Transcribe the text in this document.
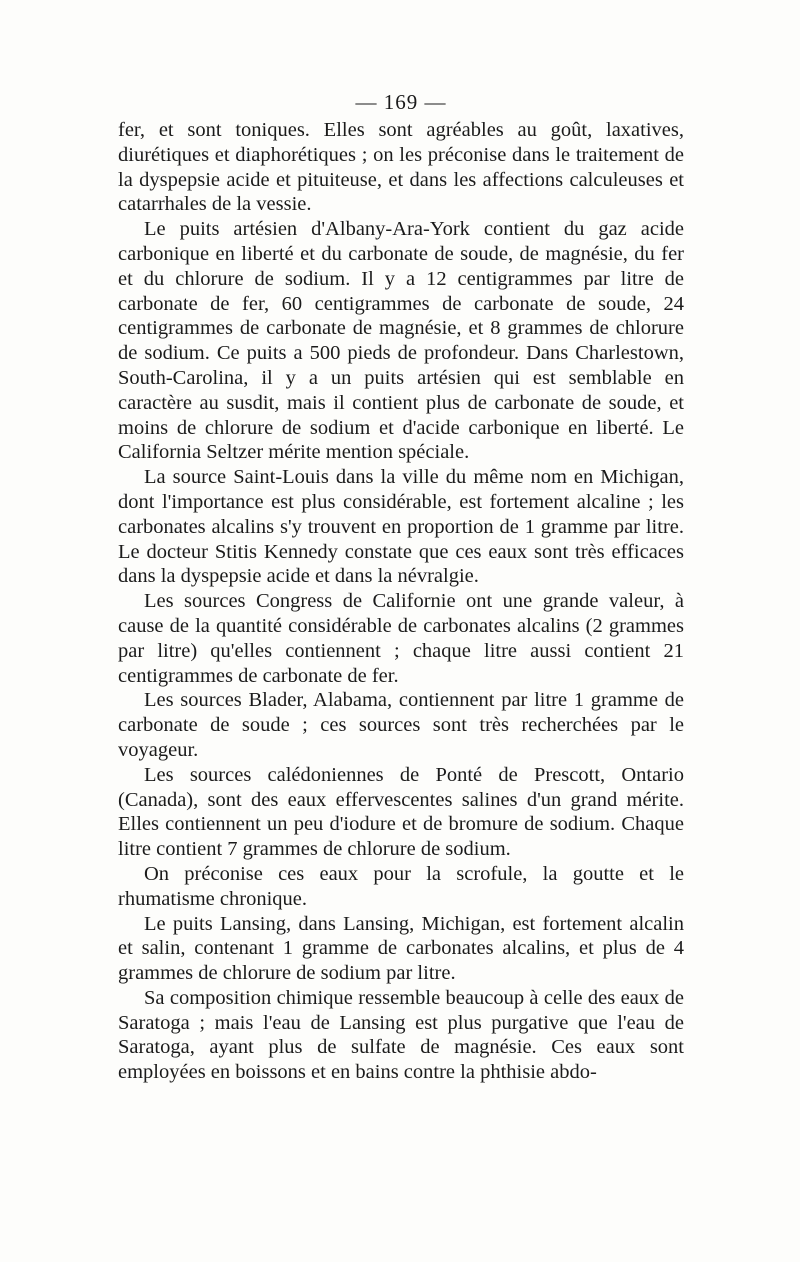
— 169 —

fer, et sont toniques. Elles sont agréables au goût, laxatives, diurétiques et diaphorétiques ; on les préconise dans le traitement de la dyspepsie acide et pituiteuse, et dans les affections calculeuses et catarrhales de la vessie.

Le puits artésien d'Albany-Ara-York contient du gaz acide carbonique en liberté et du carbonate de soude, de magnésie, du fer et du chlorure de sodium. Il y a 12 centigrammes par litre de carbonate de fer, 60 centigrammes de carbonate de soude, 24 centigrammes de carbonate de magnésie, et 8 grammes de chlorure de sodium. Ce puits a 500 pieds de profondeur. Dans Charlestown, South-Carolina, il y a un puits artésien qui est semblable en caractère au susdit, mais il contient plus de carbonate de soude, et moins de chlorure de sodium et d'acide carbonique en liberté. Le California Seltzer mérite mention spéciale.

La source Saint-Louis dans la ville du même nom en Michigan, dont l'importance est plus considérable, est fortement alcaline ; les carbonates alcalins s'y trouvent en proportion de 1 gramme par litre. Le docteur Stitis Kennedy constate que ces eaux sont très efficaces dans la dyspepsie acide et dans la névralgie.

Les sources Congress de Californie ont une grande valeur, à cause de la quantité considérable de carbonates alcalins (2 grammes par litre) qu'elles contiennent ; chaque litre aussi contient 21 centigrammes de carbonate de fer.

Les sources Blader, Alabama, contiennent par litre 1 gramme de carbonate de soude ; ces sources sont très recherchées par le voyageur.

Les sources calédoniennes de Ponté de Prescott, Ontario (Canada), sont des eaux effervescentes salines d'un grand mérite. Elles contiennent un peu d'iodure et de bromure de sodium. Chaque litre contient 7 grammes de chlorure de sodium.

On préconise ces eaux pour la scrofule, la goutte et le rhumatisme chronique.

Le puits Lansing, dans Lansing, Michigan, est fortement alcalin et salin, contenant 1 gramme de carbonates alcalins, et plus de 4 grammes de chlorure de sodium par litre.

Sa composition chimique ressemble beaucoup à celle des eaux de Saratoga ; mais l'eau de Lansing est plus purgative que l'eau de Saratoga, ayant plus de sulfate de magnésie. Ces eaux sont employées en boissons et en bains contre la phthisie abdo-
